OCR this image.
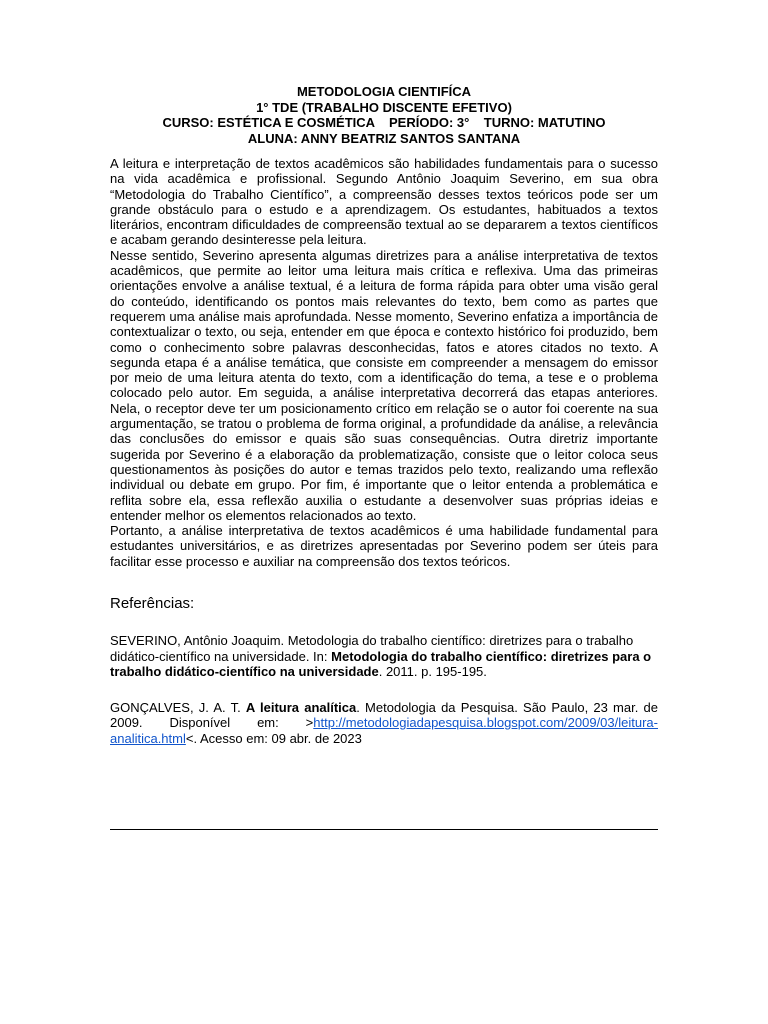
METODOLOGIA CIENTIFÍCA
1° TDE (TRABALHO DISCENTE EFETIVO)
CURSO: ESTÉTICA E COSMÉTICA    PERÍODO: 3°    TURNO: MATUTINO
ALUNA: ANNY BEATRIZ SANTOS SANTANA

A leitura e interpretação de textos acadêmicos são habilidades fundamentais para o sucesso na vida acadêmica e profissional. Segundo Antônio Joaquim Severino, em sua obra “Metodologia do Trabalho Científico”, a compreensão desses textos teóricos pode ser um grande obstáculo para o estudo e a aprendizagem. Os estudantes, habituados a textos literários, encontram dificuldades de compreensão textual ao se depararem a textos científicos e acabam gerando desinteresse pela leitura.

Nesse sentido, Severino apresenta algumas diretrizes para a análise interpretativa de textos acadêmicos, que permite ao leitor uma leitura mais crítica e reflexiva. Uma das primeiras orientações envolve a análise textual, é a leitura de forma rápida para obter uma visão geral do conteúdo, identificando os pontos mais relevantes do texto, bem como as partes que requerem uma análise mais aprofundada. Nesse momento, Severino enfatiza a importância de contextualizar o texto, ou seja, entender em que época e contexto histórico foi produzido, bem como o conhecimento sobre palavras desconhecidas, fatos e atores citados no texto. A segunda etapa é a análise temática, que consiste em compreender a mensagem do emissor por meio de uma leitura atenta do texto, com a identificação do tema, a tese e o problema colocado pelo autor. Em seguida, a análise interpretativa decorrerá das etapas anteriores. Nela, o receptor deve ter um posicionamento crítico em relação se o autor foi coerente na sua argumentação, se tratou o problema de forma original, a profundidade da análise, a relevância das conclusões do emissor e quais são suas consequências. Outra diretriz importante sugerida por Severino é a elaboração da problematização, consiste que o leitor coloca seus questionamentos às posições do autor e temas trazidos pelo texto, realizando uma reflexão individual ou debate em grupo. Por fim, é importante que o leitor entenda a problemática e reflita sobre ela, essa reflexão auxilia o estudante a desenvolver suas próprias ideias e entender melhor os elementos relacionados ao texto.

Portanto, a análise interpretativa de textos acadêmicos é uma habilidade fundamental para estudantes universitários, e as diretrizes apresentadas por Severino podem ser úteis para facilitar esse processo e auxiliar na compreensão dos textos teóricos.

Referências:
SEVERINO, Antônio Joaquim. Metodologia do trabalho científico: diretrizes para o trabalho didático-científico na universidade. In: Metodologia do trabalho científico: diretrizes para o trabalho didático-científico na universidade. 2011. p. 195-195.
GONÇALVES, J. A. T. A leitura analítica. Metodologia da Pesquisa. São Paulo, 23 mar. de 2009. Disponível em: >http://metodologiadapesquisa.blogspot.com/2009/03/leitura-analitica.html<. Acesso em: 09 abr. de 2023
